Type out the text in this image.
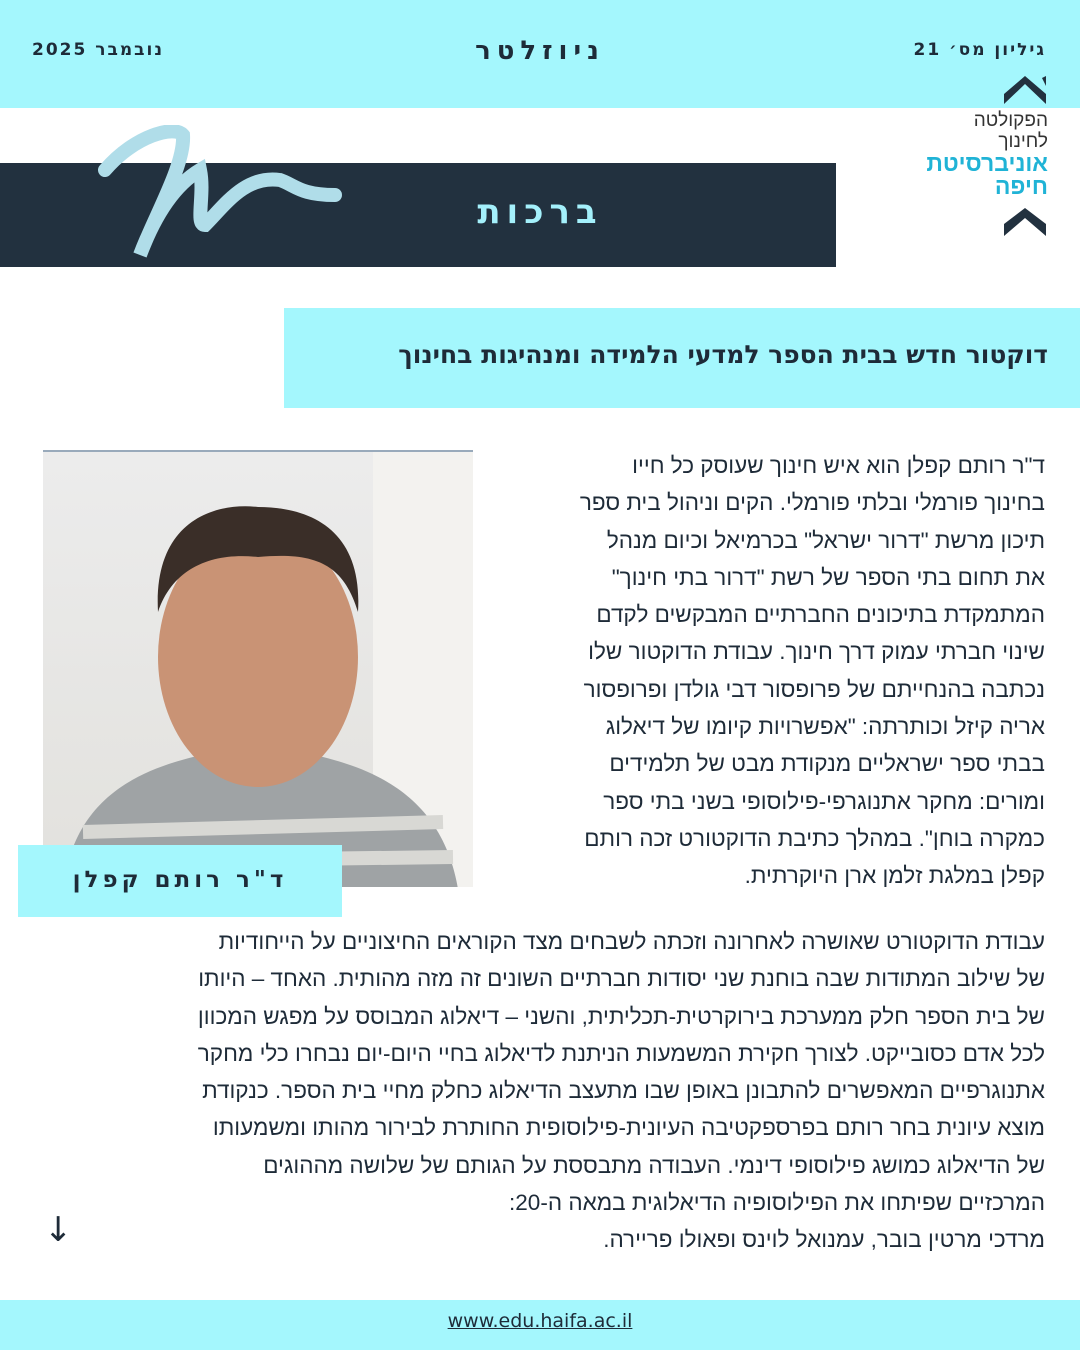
גיליון מס׳ 21
ניוזלטר
נובמבר 2025
הפקולטה
לחינוך
אוניברסיטת
חיפה
ברכות
דוקטור חדש בבית הספר למדעי הלמידה ומנהיגות בחינוך
ד"ר רותם קפלן
ד"ר רותם קפלן הוא איש חינוך שעוסק כל חייו
בחינוך פורמלי ובלתי פורמלי. הקים וניהול בית ספר
תיכון מרשת "דרור ישראל" בכרמיאל וכיום מנהל
את תחום בתי הספר של רשת "דרור בתי חינוך"
המתמקדת בתיכונים החברתיים המבקשים לקדם
שינוי חברתי עמוק דרך חינוך. עבודת הדוקטור שלו
נכתבה בהנחייתם של פרופסור דבי גולדן ופרופסור
אריה קיזל וכותרתה: "אפשרויות קיומו של דיאלוג
בבתי ספר ישראליים מנקודת מבט של תלמידים
ומורים: מחקר אתנוגרפי-פילוסופי בשני בתי ספר
כמקרה בוחן". במהלך כתיבת הדוקטורט זכה רותם
קפלן במלגת זלמן ארן היוקרתית.
עבודת הדוקטורט שאושרה לאחרונה וזכתה לשבחים מצד הקוראים החיצוניים על הייחודיות
של שילוב המתודות שבה בוחנת שני יסודות חברתיים השונים זה מזה מהותית. האחד – היותו
של בית הספר חלק ממערכת בירוקרטית-תכליתית, והשני – דיאלוג המבוסס על מפגש המכוון
לכל אדם כסובייקט. לצורך חקירת המשמעות הניתנת לדיאלוג בחיי היום-יום נבחרו כלי מחקר
אתנוגרפיים המאפשרים להתבונן באופן שבו מתעצב הדיאלוג כחלק מחיי בית הספר. כנקודת
מוצא עיונית בחר רותם בפרספקטיבה העיונית-פילוסופית החותרת לבירור מהותו ומשמעותו
של הדיאלוג כמושג פילוסופי דינמי. העבודה מתבססת על הגותם של שלושה מההוגים
המרכזיים שפיתחו את הפילוסופיה הדיאלוגית במאה ה-20:
מרדכי מרטין בובר, עמנואל לוינס ופאולו פריירה.
↓
www.edu.haifa.ac.il
